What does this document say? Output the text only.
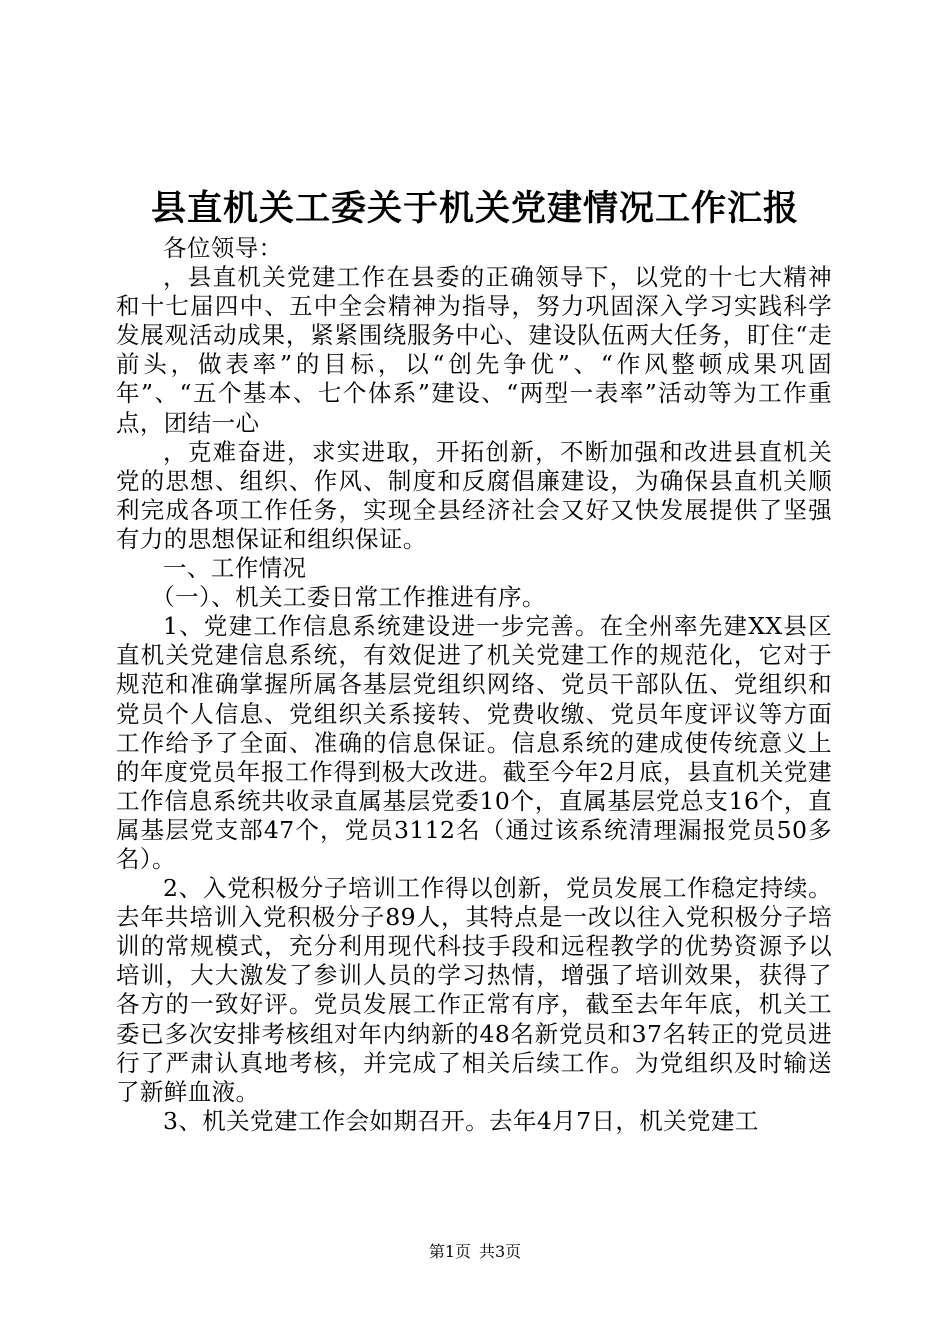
县直机关工委关于机关党建情况工作汇报

各位领导：

，县直机关党建工作在县委的正确领导下，以党的十七大精神和十七届四中、五中全会精神为指导，努力巩固深入学习实践科学发展观活动成果，紧紧围绕服务中心、建设队伍两大任务，盯住“走前头，做表率”的目标，以“创先争优”、“作风整顿成果巩固年”、“五个基本、七个体系”建设、“两型一表率”活动等为工作重点，团结一心

，克难奋进，求实进取，开拓创新，不断加强和改进县直机关党的思想、组织、作风、制度和反腐倡廉建设，为确保县直机关顺利完成各项工作任务，实现全县经济社会又好又快发展提供了坚强有力的思想保证和组织保证。

一、工作情况

（一）、机关工委日常工作推进有序。

1、党建工作信息系统建设进一步完善。在全州率先建XX县区直机关党建信息系统，有效促进了机关党建工作的规范化，它对于规范和准确掌握所属各基层党组织网络、党员干部队伍、党组织和党员个人信息、党组织关系接转、党费收缴、党员年度评议等方面工作给予了全面、准确的信息保证。信息系统的建成使传统意义上的年度党员年报工作得到极大改进。截至今年2月底，县直机关党建工作信息系统共收录直属基层党委10个，直属基层党总支16个，直属基层党支部47个，党员3112名（通过该系统清理漏报党员50多名）。

2、入党积极分子培训工作得以创新，党员发展工作稳定持续。去年共培训入党积极分子89人，其特点是一改以往入党积极分子培训的常规模式，充分利用现代科技手段和远程教学的优势资源予以培训，大大激发了参训人员的学习热情，增强了培训效果，获得了各方的一致好评。党员发展工作正常有序，截至去年年底，机关工委已多次安排考核组对年内纳新的48名新党员和37名转正的党员进行了严肃认真地考核，并完成了相关后续工作。为党组织及时输送了新鲜血液。

3、机关党建工作会如期召开。去年4月7日，机关党建工

第1页 共3页
